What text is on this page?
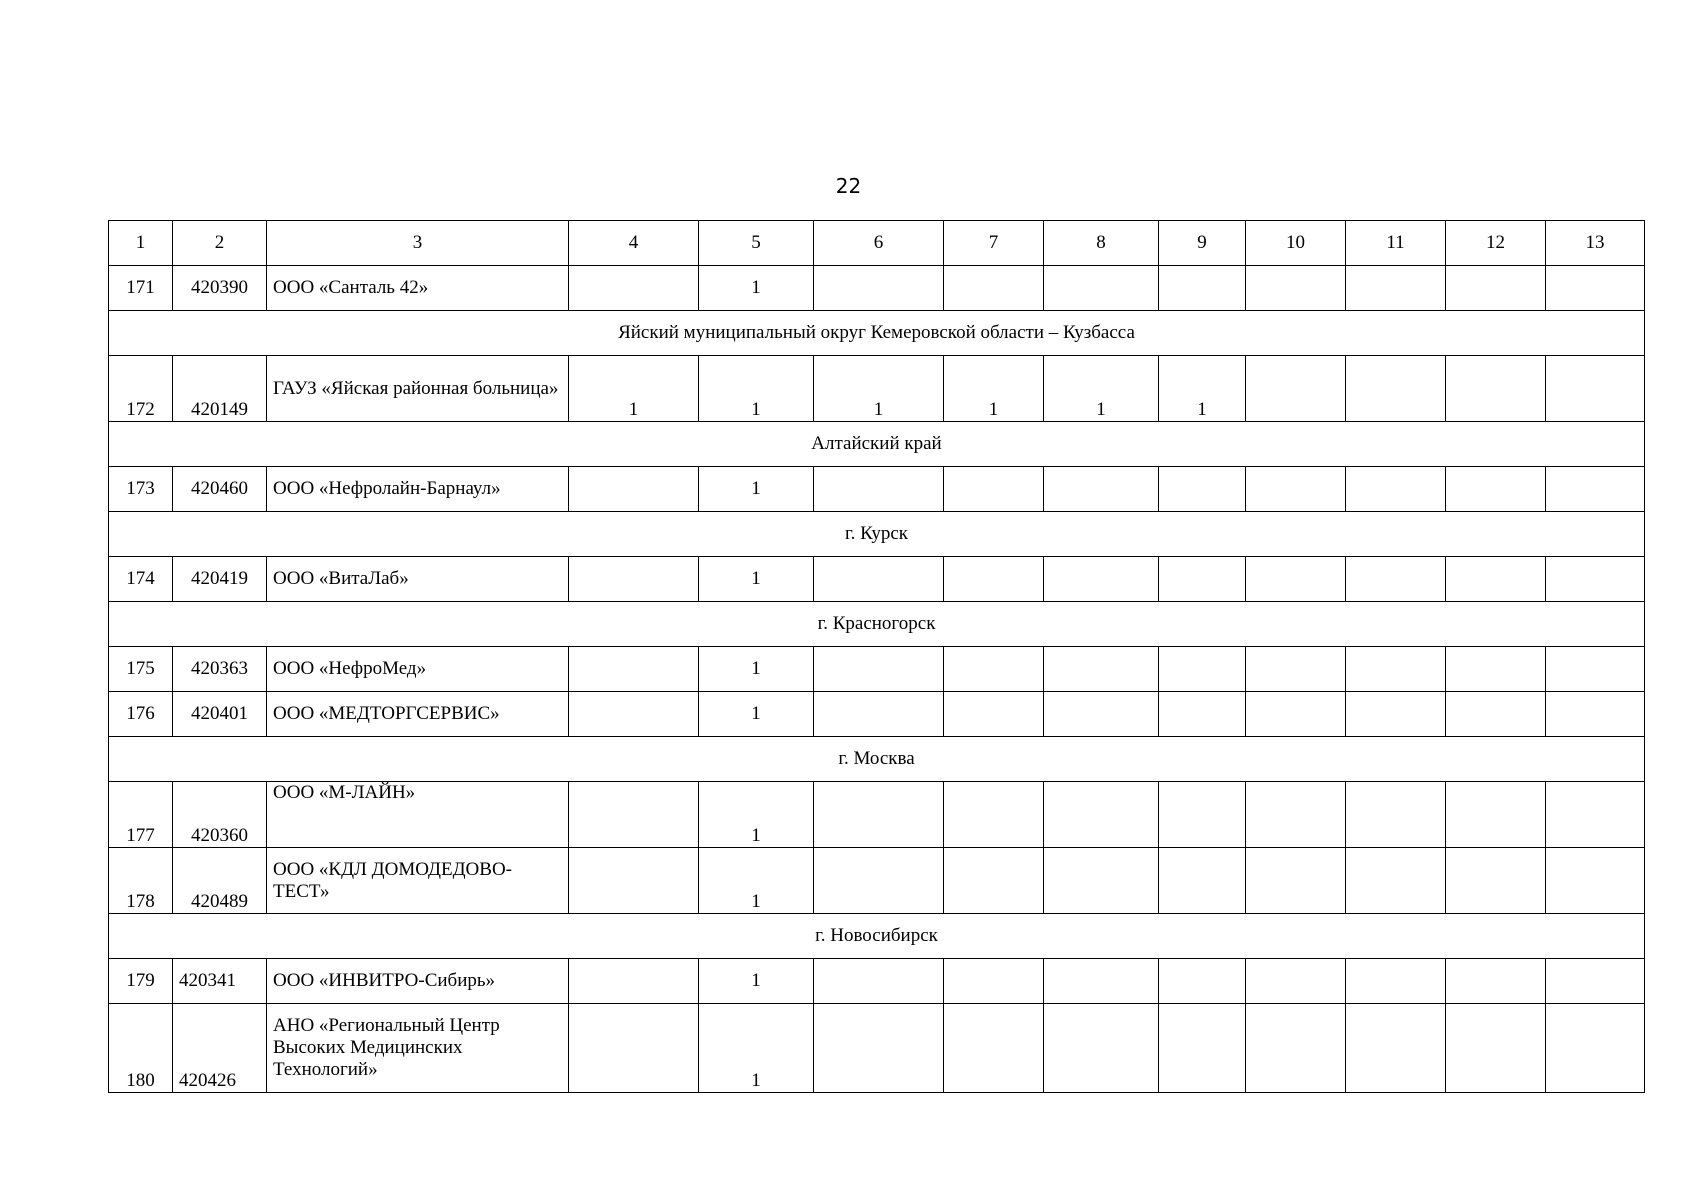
22
1	2	3	4	5	6	7	8	9	10	11	12	13
171	420390	ООО «Санталь 42»		1								
Яйский муниципальный округ Кемеровской области – Кузбасса												
172	420149	ГАУЗ «Яйская районная больница»	1	1	1	1	1	1				
Алтайский край												
173	420460	ООО «Нефролайн-Барнаул»		1								
г. Курск												
174	420419	ООО «ВитаЛаб»		1								
г. Красногорск												
175	420363	ООО «НефроМед»		1								
176	420401	ООО «МЕДТОРГСЕРВИС»		1								
г. Москва												
177	420360	ООО «М-ЛАЙН»		1								
178	420489	ООО «КДЛ ДОМОДЕДОВО-ТЕСТ»		1								
г. Новосибирск												
179	420341	ООО «ИНВИТРО-Сибирь»		1								
180	420426	АНО «Региональный Центр Высоких Медицинских Технологий»		1								
